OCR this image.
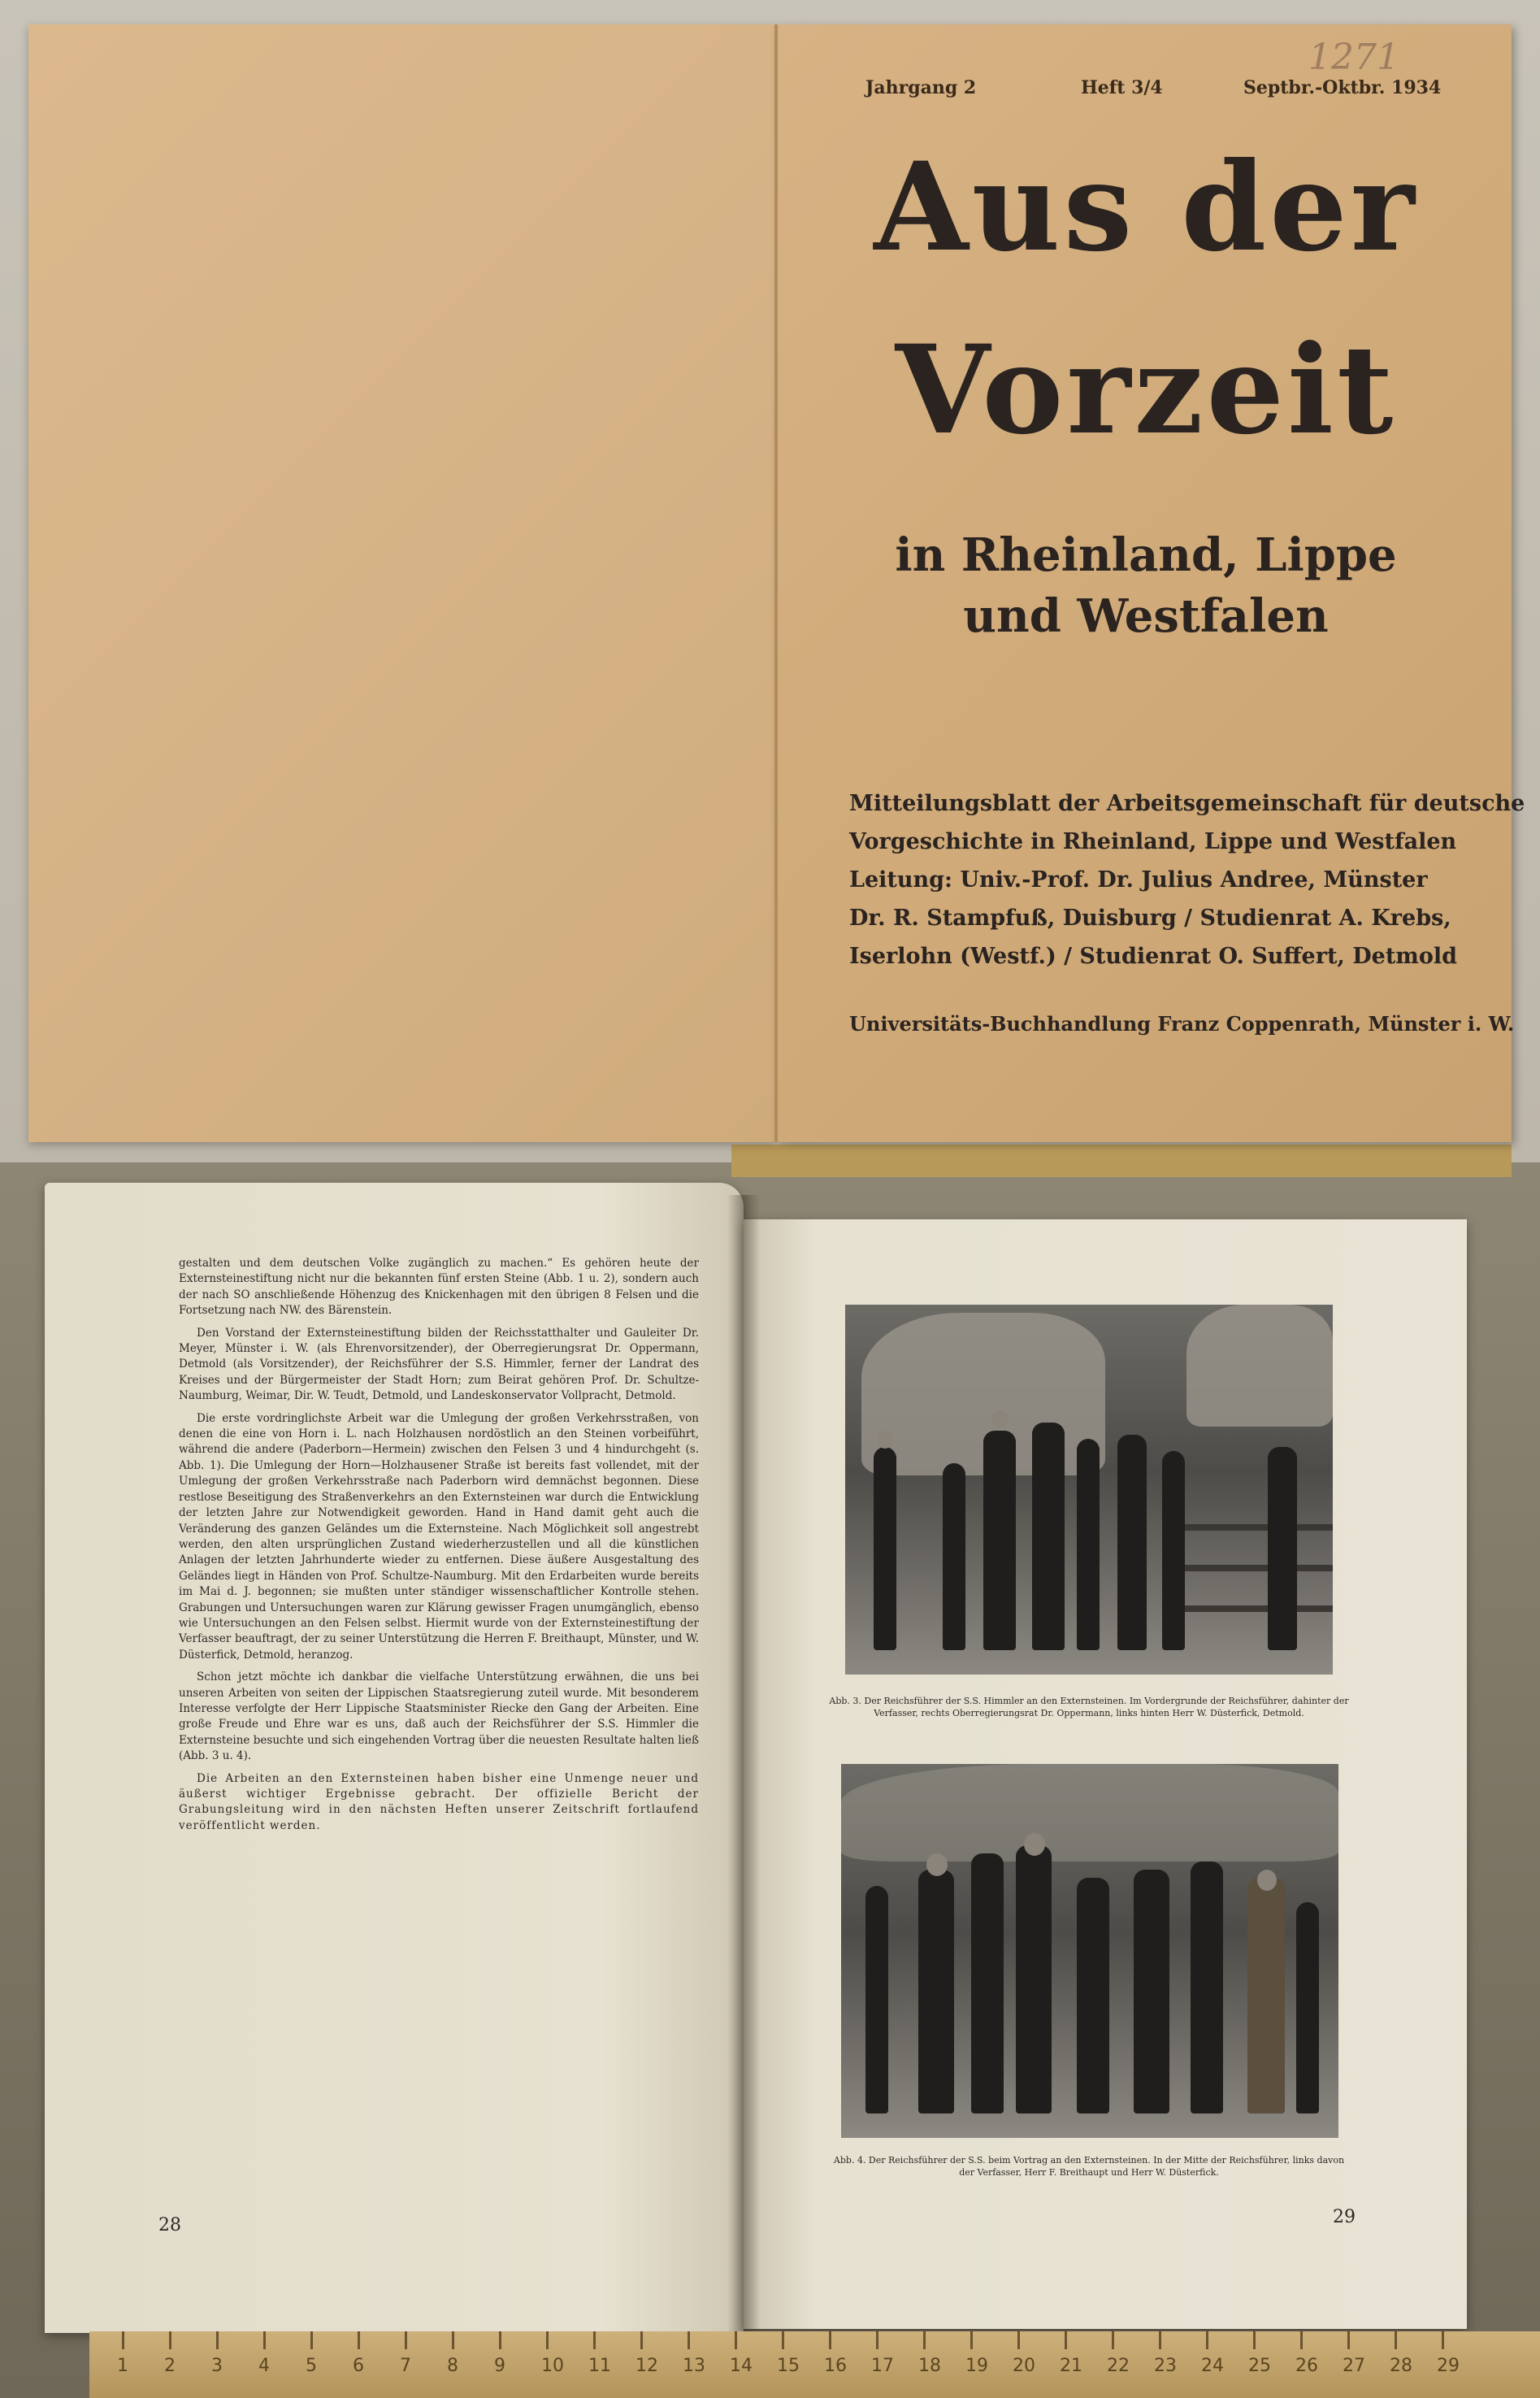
Jahrgang 2	Heft 3/4	Septbr.-Oktbr. 1934
1271
Aus der
Vorzeit
in Rheinland, Lippe
und Westfalen
Mitteilungsblatt der Arbeitsgemeinschaft für deutsche
Vorgeschichte in Rheinland, Lippe und Westfalen
Leitung: Univ.-Prof. Dr. Julius Andree, Münster
Dr. R. Stampfuß, Duisburg / Studienrat A. Krebs,
Iserlohn (Westf.) / Studienrat O. Suffert, Detmold
Universitäts-Buchhandlung Franz Coppenrath, Münster i. W.

gestalten und dem deutschen Volke zugänglich zu machen.“ Es gehören heute der Externsteinestiftung nicht nur die bekannten fünf ersten Steine (Abb. 1 u. 2), sondern auch der nach SO anschließende Höhenzug des Knickenhagen mit den übrigen 8 Felsen und die Fortsetzung nach NW. des Bärenstein.

Den Vorstand der Externsteinestiftung bilden der Reichsstatthalter und Gauleiter Dr. Meyer, Münster i. W. (als Ehrenvorsitzender), der Oberregierungsrat Dr. Oppermann, Detmold (als Vorsitzender), der Reichsführer der S.S. Himmler, ferner der Landrat des Kreises und der Bürgermeister der Stadt Horn; zum Beirat gehören Prof. Dr. Schultze-Naumburg, Weimar, Dir. W. Teudt, Detmold, und Landeskonservator Vollpracht, Detmold.

Die erste vordringlichste Arbeit war die Umlegung der großen Verkehrsstraßen, von denen die eine von Horn i. L. nach Holzhausen nordöstlich an den Steinen vorbeiführt, während die andere (Paderborn—Hermein) zwischen den Felsen 3 und 4 hindurchgeht (s. Abb. 1). Die Umlegung der Horn—Holzhausener Straße ist bereits fast vollendet, mit der Umlegung der großen Verkehrsstraße nach Paderborn wird demnächst begonnen. Diese restlose Beseitigung des Straßenverkehrs an den Externsteinen war durch die Entwicklung der letzten Jahre zur Notwendigkeit geworden. Hand in Hand damit geht auch die Veränderung des ganzen Geländes um die Externsteine. Nach Möglichkeit soll angestrebt werden, den alten ursprünglichen Zustand wiederherzustellen und all die künstlichen Anlagen der letzten Jahrhunderte wieder zu entfernen. Diese äußere Ausgestaltung des Geländes liegt in Händen von Prof. Schultze-Naumburg. Mit den Erdarbeiten wurde bereits im Mai d. J. begonnen; sie mußten unter ständiger wissenschaftlicher Kontrolle stehen. Grabungen und Untersuchungen waren zur Klärung gewisser Fragen unumgänglich, ebenso wie Untersuchungen an den Felsen selbst. Hiermit wurde von der Externsteinestiftung der Verfasser beauftragt, der zu seiner Unterstützung die Herren F. Breithaupt, Münster, und W. Düsterfick, Detmold, heranzog.

Schon jetzt möchte ich dankbar die vielfache Unterstützung erwähnen, die uns bei unseren Arbeiten von seiten der Lippischen Staatsregierung zuteil wurde. Mit besonderem Interesse verfolgte der Herr Lippische Staatsminister Riecke den Gang der Arbeiten. Eine große Freude und Ehre war es uns, daß auch der Reichsführer der S.S. Himmler die Externsteine besuchte und sich eingehenden Vortrag über die neuesten Resultate halten ließ (Abb. 3 u. 4).

Die Arbeiten an den Externsteinen haben bisher eine Unmenge neuer und äußerst wichtiger Ergebnisse gebracht. Der offizielle Bericht der Grabungsleitung wird in den nächsten Heften unserer Zeitschrift fortlaufend veröffentlicht werden.

28
Abb. 3. Der Reichsführer der S.S. Himmler an den Externsteinen. Im Vordergrunde der Reichsführer, dahinter der Verfasser, rechts Oberregierungsrat Dr. Oppermann, links hinten Herr W. Düsterfick, Detmold.
Abb. 4. Der Reichsführer der S.S. beim Vortrag an den Externsteinen. In der Mitte der Reichsführer, links davon der Verfasser, Herr F. Breithaupt und Herr W. Düsterfick.
29
1 2 3 4 5 6 7 8 9 10 11 12 13 14 15 16 17 18 19 20 21 22 23 24 25 26 27 28 29
